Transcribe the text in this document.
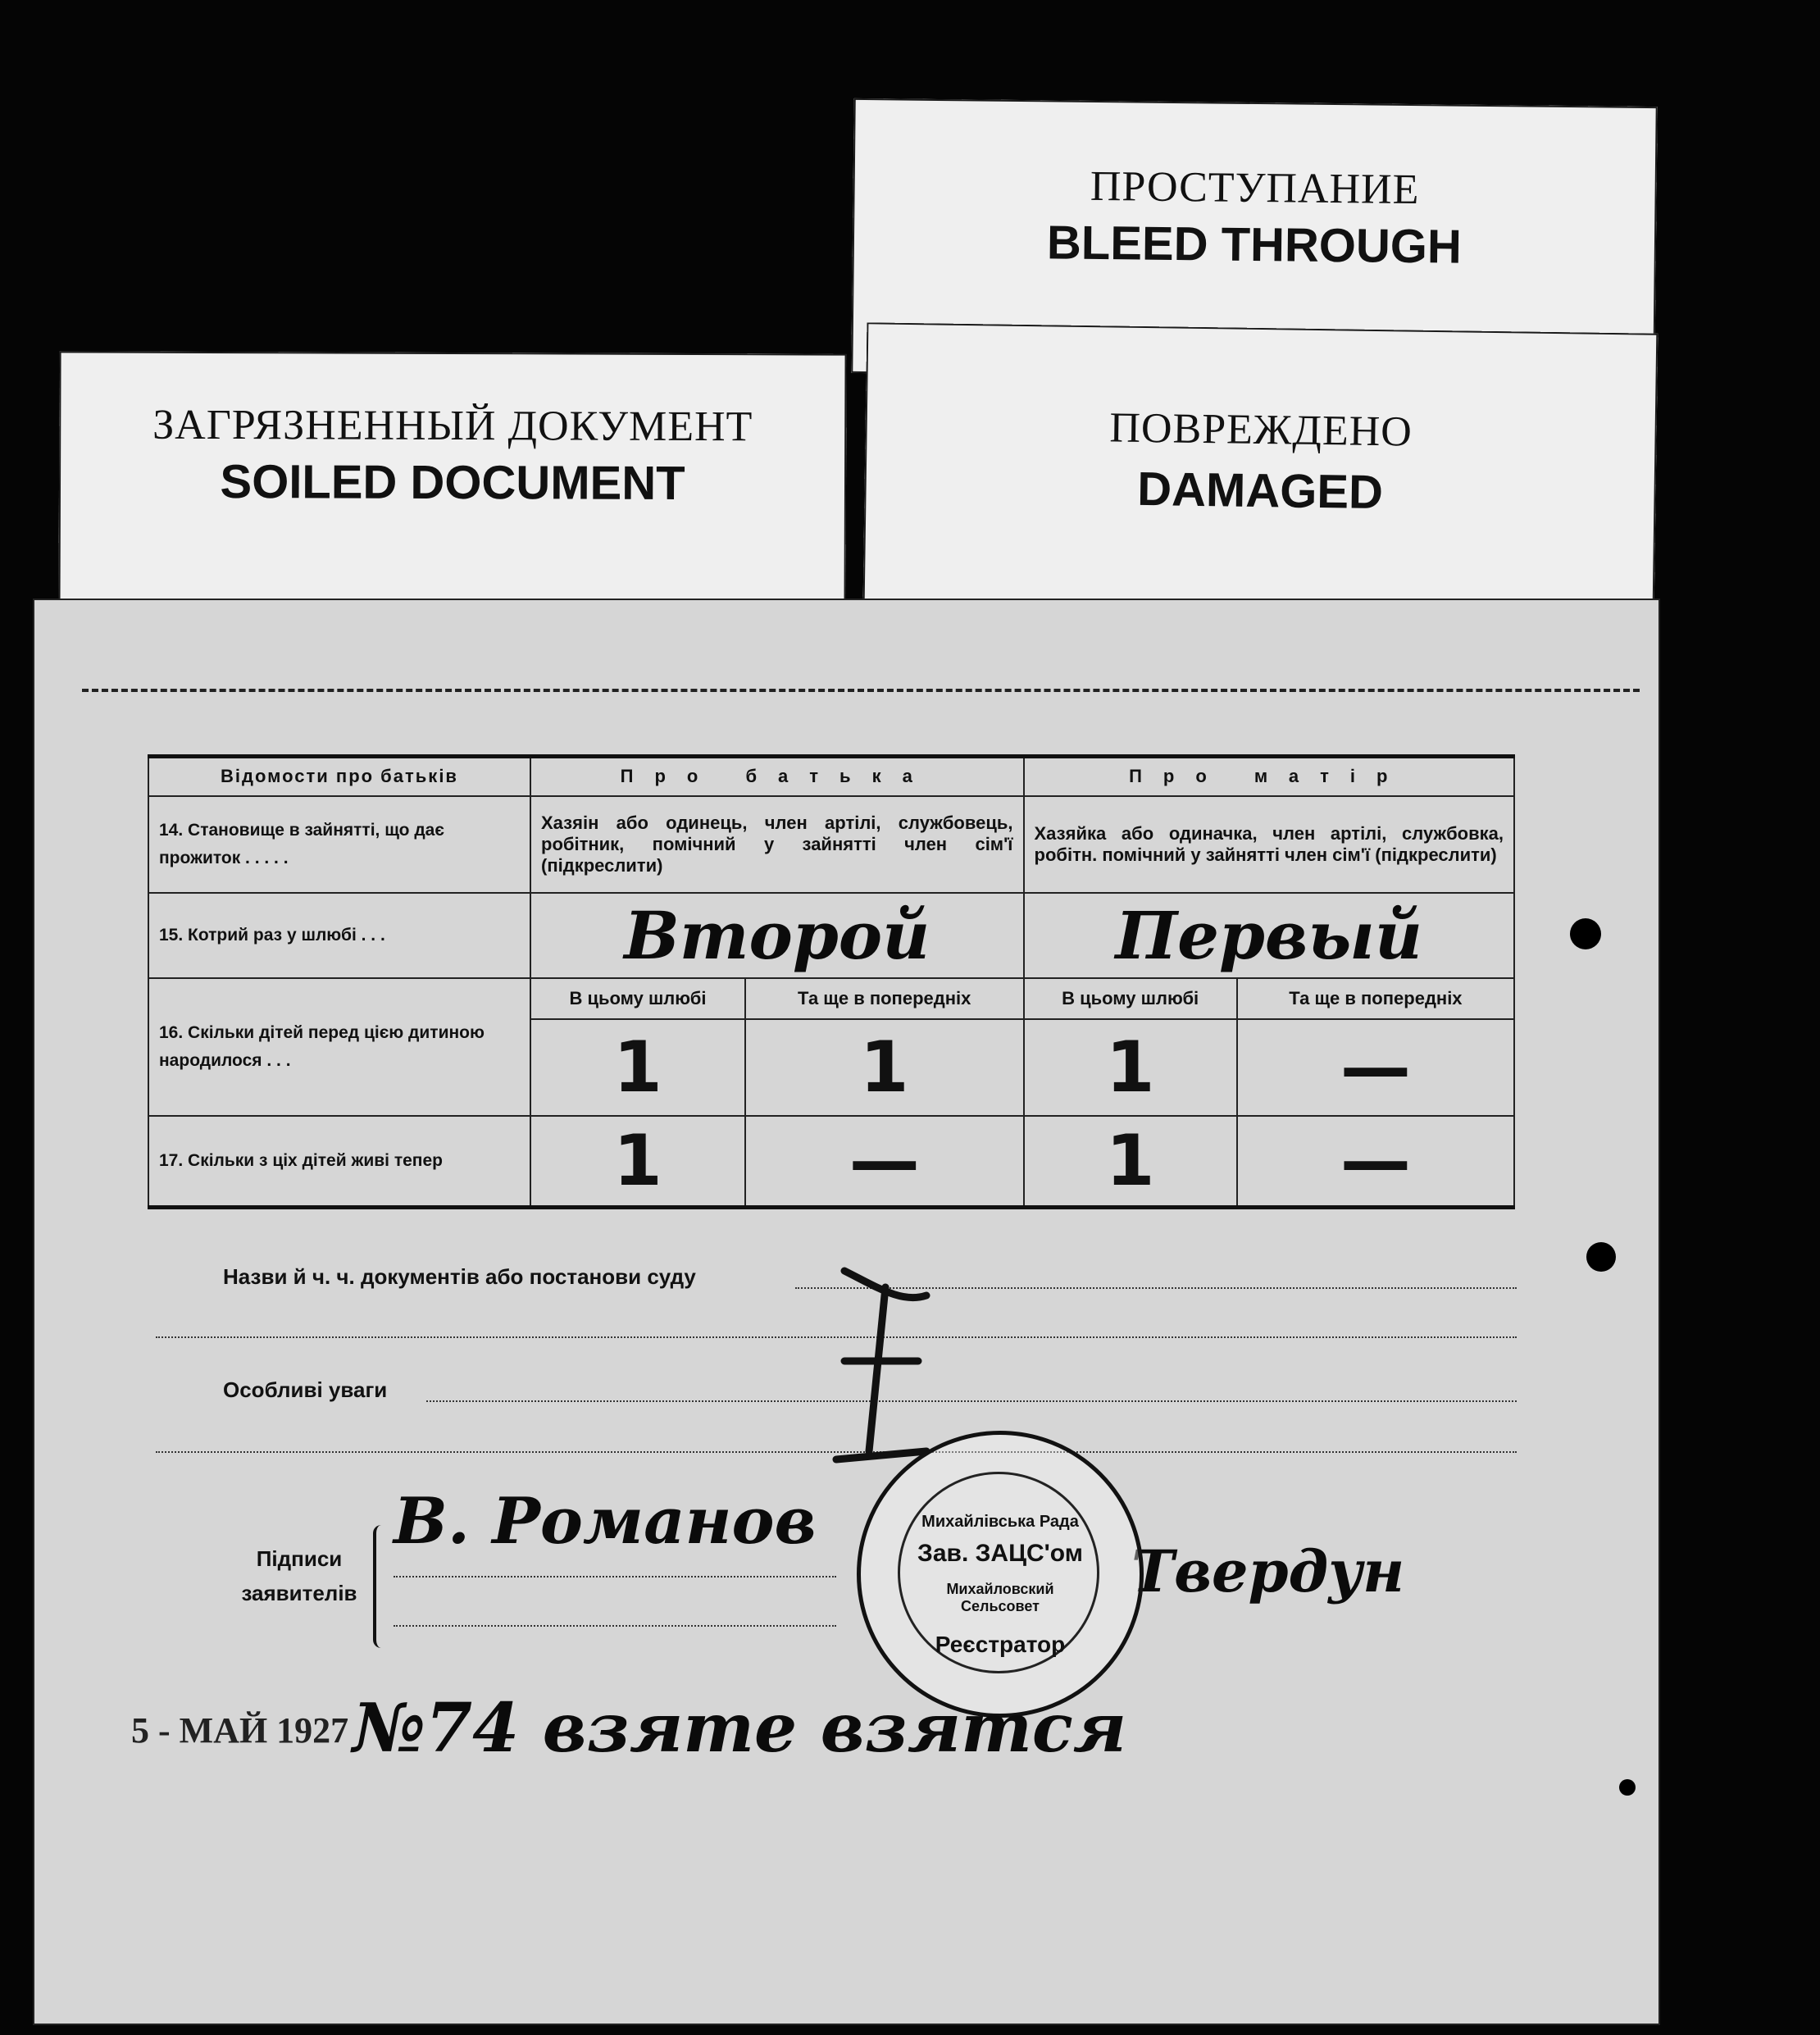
ПРОСТУПАНИЕ
BLEED THROUGH
ЗАГРЯЗНЕННЫЙ ДОКУМЕНТ
SOILED DOCUMENT
ПОВРЕЖДЕНО
DAMAGED
Відомости про батьків	Про батька		Про матір	
14. Становище в зайнятті, що дає прожиток . . . . .	Хазяін або одинець, член артілі, службовець, робітник, помічний у зайнятті член сім'ї (підкреслити)		Хазяйка або одиначка, член артілі, службовка, робітн. помічний у зайнятті член сім'ї (підкреслити)	
15. Котрий раз у шлюбі . . .	Второй		Первый	
16. Скільки дітей перед цією дитиною народилося . . .	В цьому шлюбі	Та ще в попередніх	В цьому шлюбі	Та ще в попередніх
	1	1	1	—
17. Скільки з ціх дітей живі тепер	1	—	1	—
Назви й ч. ч. документів або постанови суду
Особливі уваги
Підписи заявителів
В. Романов
Твердун
Михайлівська Рада
Зав. ЗАЦС'ом
Михайловский Сельсовет
Реєстратор
5 - МАЙ 1927 №74 взяте взятся
